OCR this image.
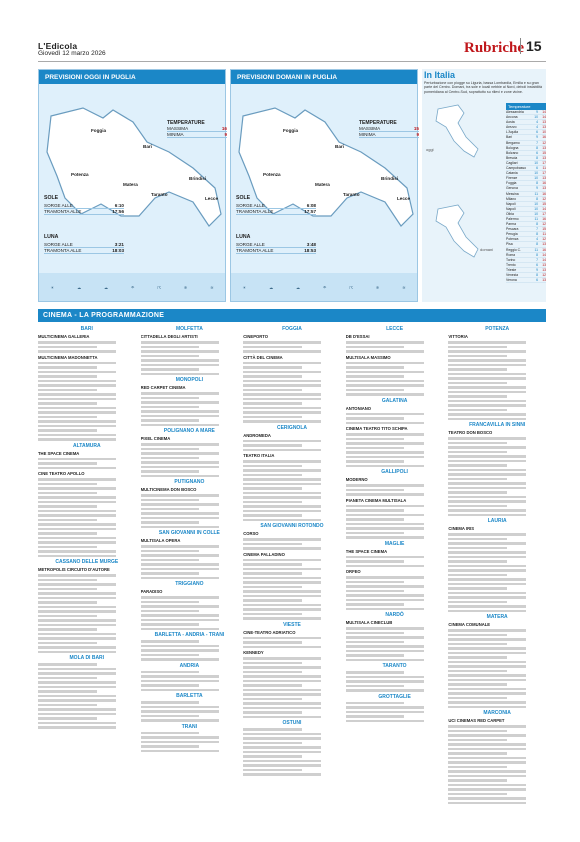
L'Edicola
Giovedì 12 marzo 2026	Rubriche 15
PREVISIONI OGGI IN PUGLIA
Foggia
Bari
Brindisi
Potenza
Matera
Taranto
Lecce
TEMPERATURE
MASSIMA	16
MINIMA	9
SOLE
SORGE ALLE	6:10
TRAMONTA ALLE	17:56
LUNA
SORGE ALLE	3:21
TRAMONTA ALLE	18:03
☀	☁	☁	☂	☈	❄	≋
PREVISIONI DOMANI IN PUGLIA
Foggia
Bari
Brindisi
Potenza
Matera
Taranto
Lecce
TEMPERATURE
MASSIMA	15
MINIMA	9
SOLE
SORGE ALLE	6:08
TRAMONTA ALLE	17:57
LUNA
SORGE ALLE	3:48
TRAMONTA ALLE	18:53
☀	☁	☁	☂	☈	❄	≋
In Italia
Perturbazione con piogge su Liguria, bassa Lombardia, Emilia e su gran parte del Centro. Domani, tra sole e locali nebbie al Nord, deboli instabilità pomeridiana al Centro-Sud, soprattutto su rilievi e zone vicine.
oggi
domani
Temperature
Alessandria	9	14
Ancona	10	14
Aosta	4	13
Arezzo	4	13
L'Aquila	6	10
Bari	9	16
Bergamo	7	12
Bologna	8	13
Bolzano	6	15
Brescia	8	13
Cagliari	10	17
Campobasso	6	11
Catania	10	17
Firenze	10	13
Foggia	8	16
Genova	9	13
Messina	11	16
Milano	8	12
Napoli	10	15
Napoli	10	14
Olbia	10	17
Palermo	11	16
Parma	8	12
Pescara	7	15
Perugia	8	11
Potenza	4	12
Pisa	8	13
Reggio C.	11	16
Roma	8	14
Torino	7	14
Trento	6	13
Trieste	9	13
Venezia	8	12
Verona	6	13
CINEMA - LA PROGRAMMAZIONE
BARI
MULTICINEMA GALLERIA
MULTICINEMA MADONNETTA
ALTAMURA
THE SPACE CINEMA
CINE TEATRO APOLLO
CASSANO DELLE MURGE
METROPOLIS CIRCUITO D'AUTORE
MOLA DI BARI
MOLFETTA
CITTADELLA DEGLI ARTISTI
MONOPOLI
RED CARPET CINEMA
POLIGNANO A MARE
PIXEL CINEMA
PUTIGNANO
MULTICINEMA DON BOSCO
SAN GIOVANNI IN COLLE
MULTISALA OPERA
TRIGGIANO
PARADISO
BARLETTA - ANDRIA - TRANI
ANDRIA
BARLETTA
TRANI
FOGGIA
CINEPORTO
CITTÀ DEL CINEMA
CERIGNOLA
ANDROMEDA
TEATRO ITALIA
SAN GIOVANNI ROTONDO
CORSO
CINEMA PALLADINO
VIESTE
CINE-TEATRO ADRIATICO
KENNEDY
OSTUNI
LECCE
DB D'ESSAI
MULTISALA MASSIMO
GALATINA
ANTONIANO
CINEMA TEATRO TITO SCHIPA
GALLIPOLI
MODERNO
PIANETA CINEMA MULTISALA
MAGLIE
THE SPACE CINEMA
ORFEO
NARDÒ
MULTISALA CINECLUB
TARANTO
GROTTAGLIE
POTENZA
VITTORIA
FRANCAVILLA IN SINNI
TEATRO DON BOSCO
LAURIA
CINEMA IRIS
MATERA
CINEMA COMUNALE
MARCONIA
UCI CINEMAS RED CARPET
